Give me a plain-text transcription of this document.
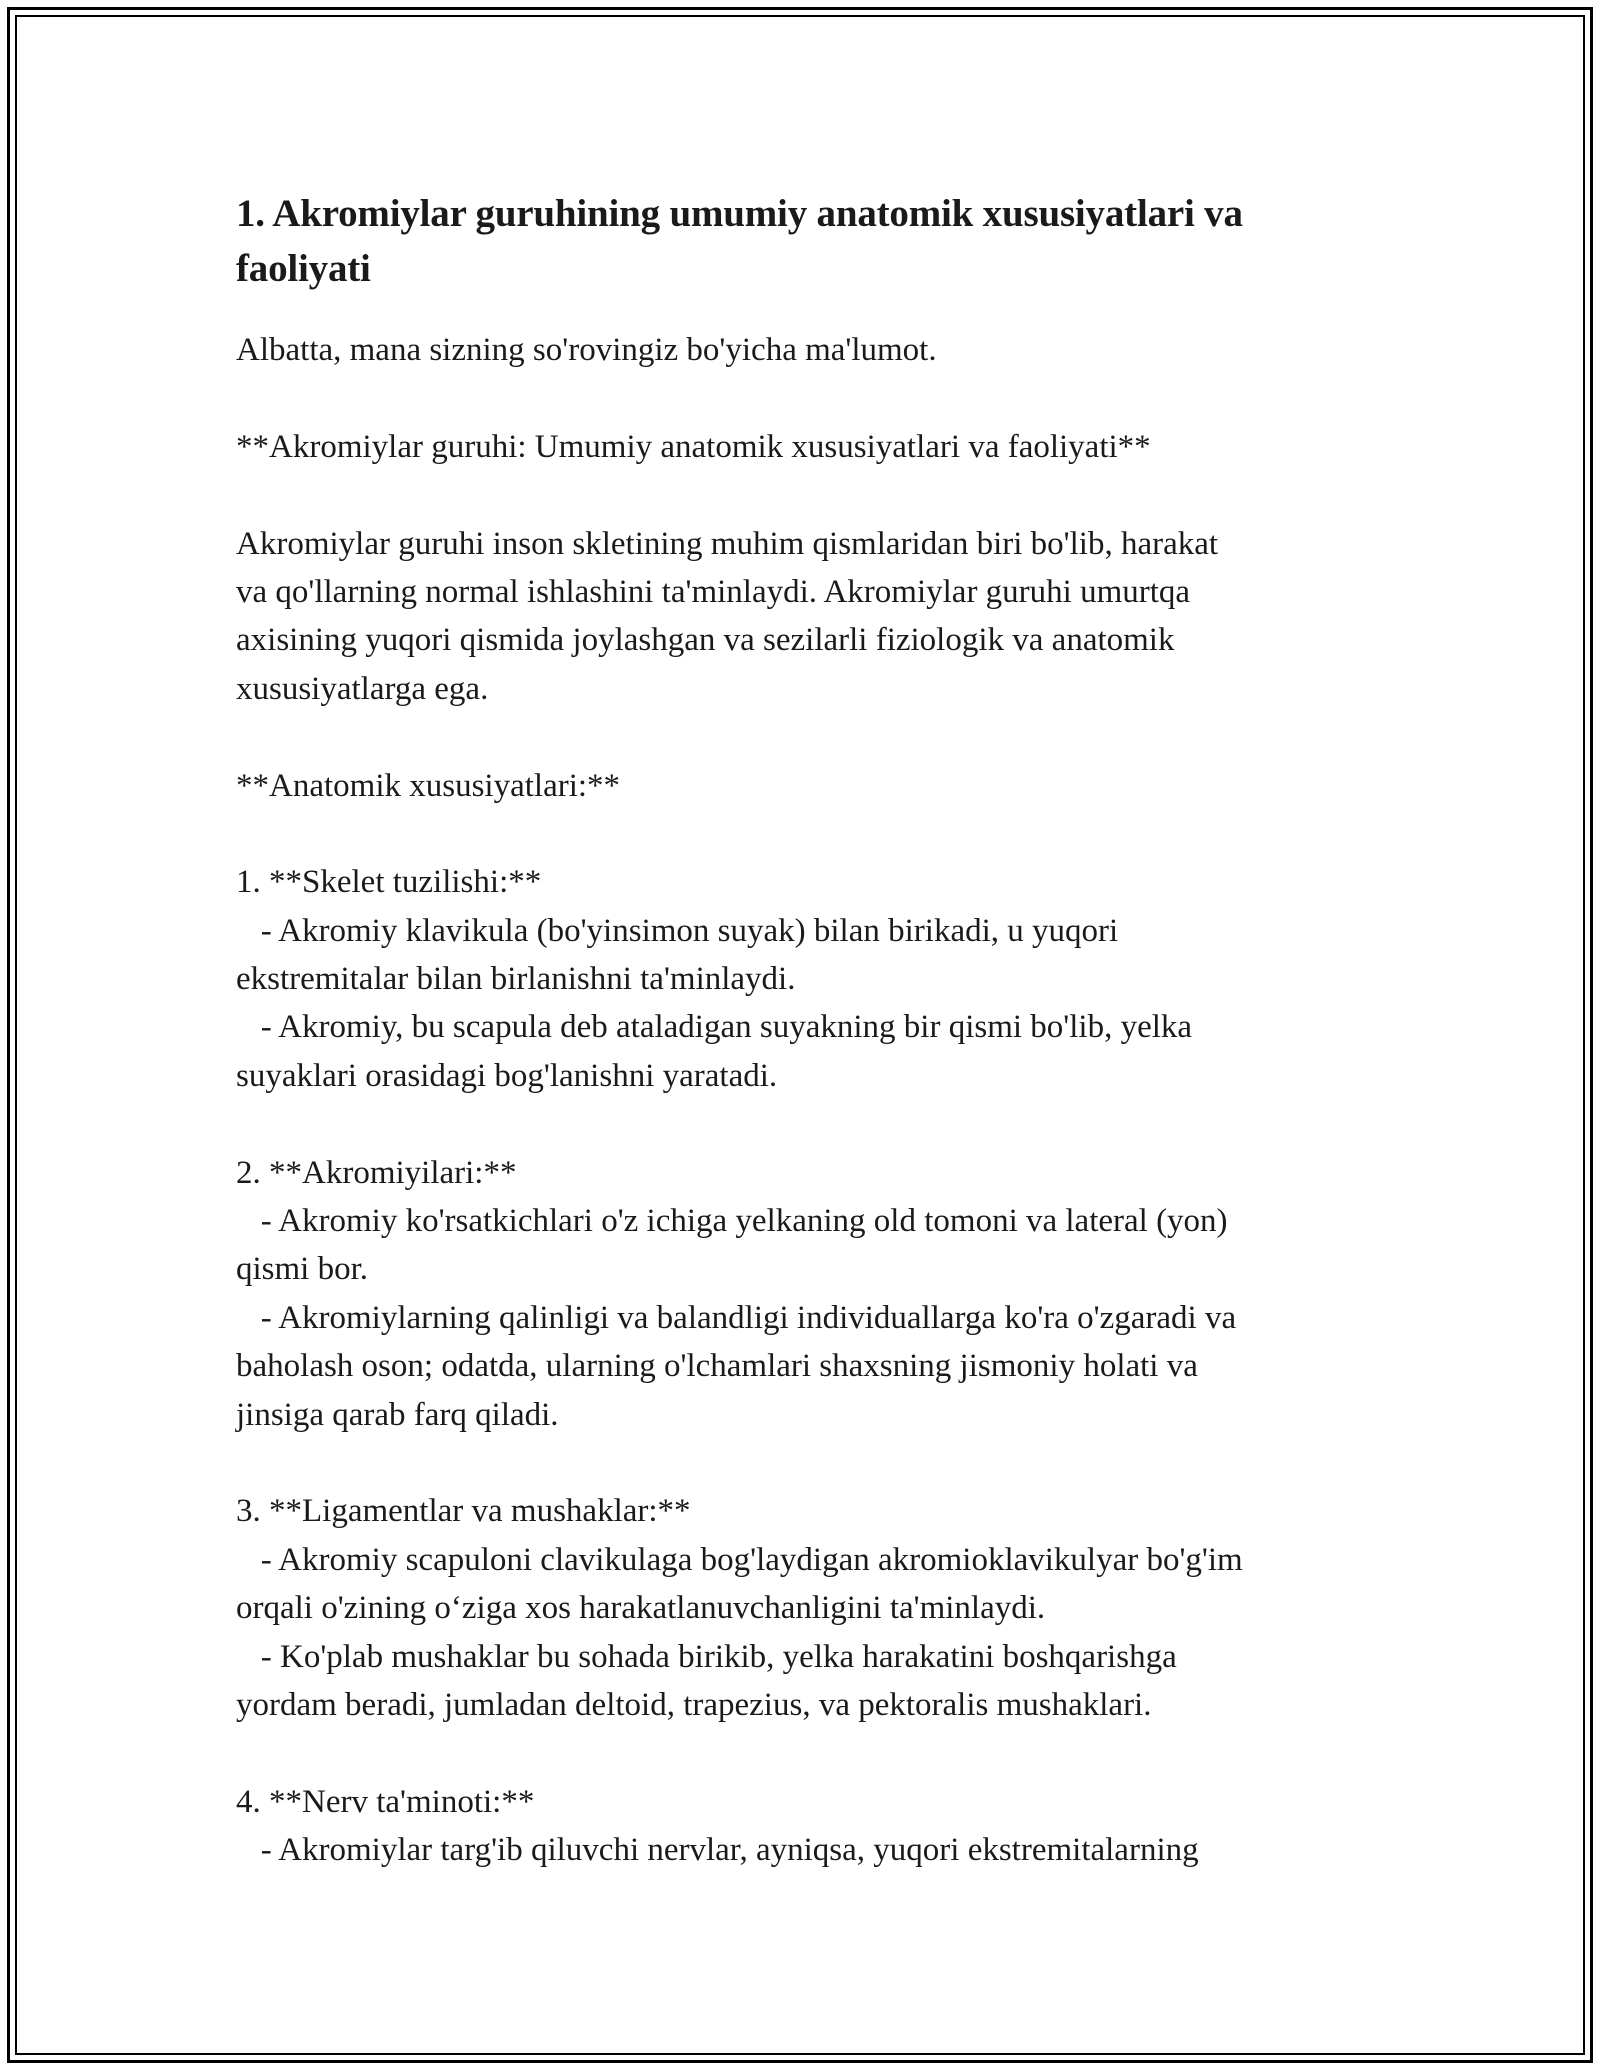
1. Akromiylar guruhining umumiy anatomik xususiyatlari va
faoliyati
Albatta, mana sizning so'rovingiz bo'yicha ma'lumot.
**Akromiylar guruhi: Umumiy anatomik xususiyatlari va faoliyati**
Akromiylar guruhi inson skletining muhim qismlaridan biri bo'lib, harakat
va qo'llarning normal ishlashini ta'minlaydi. Akromiylar guruhi umurtqa
axisining yuqori qismida joylashgan va sezilarli fiziologik va anatomik
xususiyatlarga ega.
**Anatomik xususiyatlari:**
1. **Skelet tuzilishi:**
- Akromiy klavikula (bo'yinsimon suyak) bilan birikadi, u yuqori
ekstremitalar bilan birlanishni ta'minlaydi.
- Akromiy, bu scapula deb ataladigan suyakning bir qismi bo'lib, yelka
suyaklari orasidagi bog'lanishni yaratadi.
2. **Akromiyilari:**
- Akromiy ko'rsatkichlari o'z ichiga yelkaning old tomoni va lateral (yon)
qismi bor.
- Akromiylarning qalinligi va balandligi individuallarga ko'ra o'zgaradi va
baholash oson; odatda, ularning o'lchamlari shaxsning jismoniy holati va
jinsiga qarab farq qiladi.
3. **Ligamentlar va mushaklar:**
- Akromiy scapuloni clavikulaga bog'laydigan akromioklavikulyar bo'g'im
orqali o'zining o‘ziga xos harakatlanuvchanligini ta'minlaydi.
- Ko'plab mushaklar bu sohada birikib, yelka harakatini boshqarishga
yordam beradi, jumladan deltoid, trapezius, va pektoralis mushaklari.
4. **Nerv ta'minoti:**
- Akromiylar targ'ib qiluvchi nervlar, ayniqsa, yuqori ekstremitalarning
